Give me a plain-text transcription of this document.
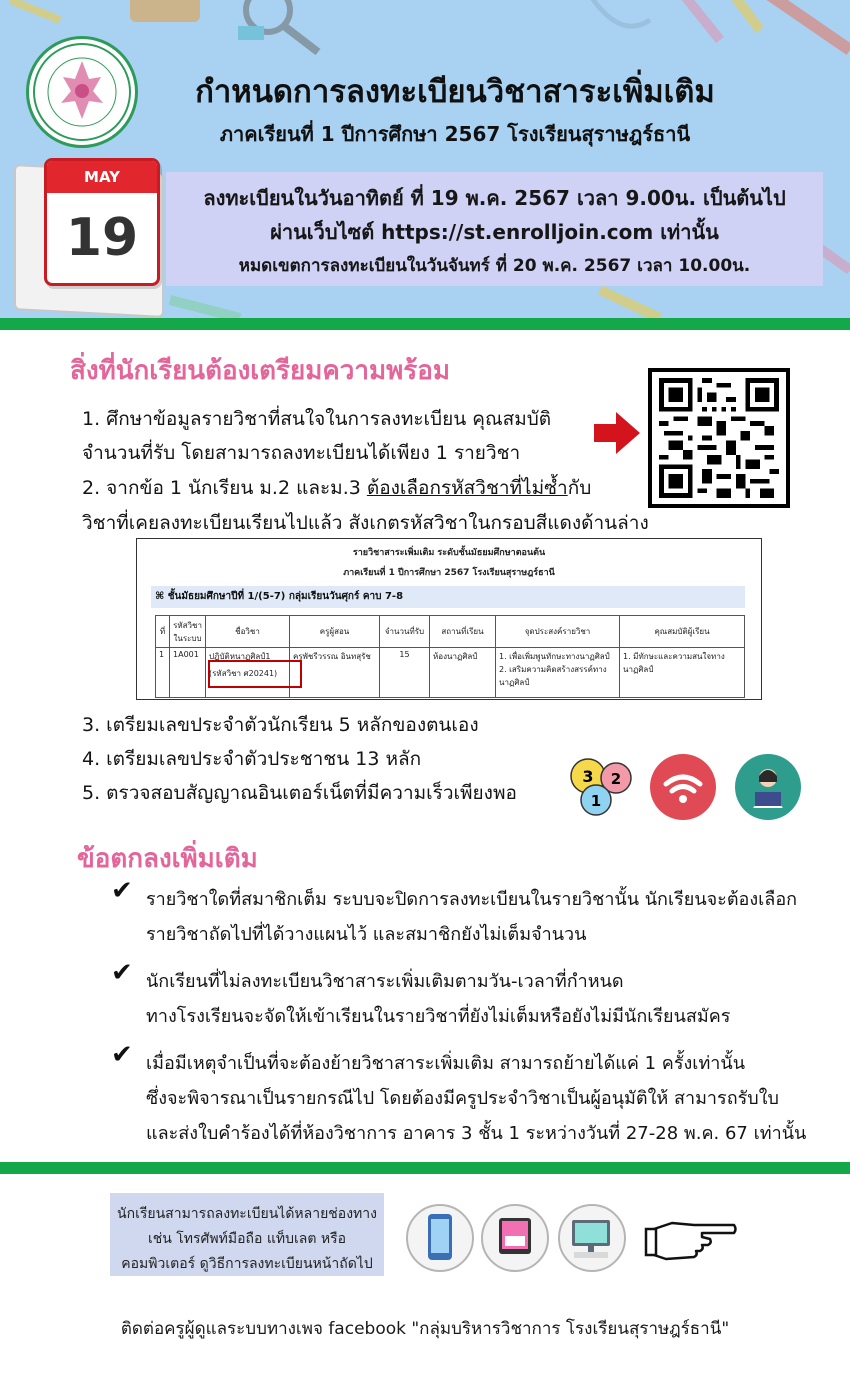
กำหนดการลงทะเบียนวิชาสาระเพิ่มเติม
ภาคเรียนที่ 1 ปีการศึกษา 2567 โรงเรียนสุราษฎร์ธานี
MAY
19
ลงทะเบียนในวันอาทิตย์ ที่ 19 พ.ค. 2567 เวลา 9.00น. เป็นต้นไป
ผ่านเว็บไซต์ https://st.enrolljoin.com เท่านั้น
หมดเขตการลงทะเบียนในวันจันทร์ ที่ 20 พ.ค. 2567 เวลา 10.00น.
สิ่งที่นักเรียนต้องเตรียมความพร้อม
1. ศึกษาข้อมูลรายวิชาที่สนใจในการลงทะเบียน คุณสมบัติ
จำนวนที่รับ โดยสามารถลงทะเบียนได้เพียง 1 รายวิชา
2. จากข้อ 1 นักเรียน ม.2 และม.3 ต้องเลือกรหัสวิชาที่ไม่ซ้ำกับ
วิชาที่เคยลงทะเบียนเรียนไปแล้ว สังเกตรหัสวิชาในกรอบสีแดงด้านล่าง
รายวิชาสาระเพิ่มเติม ระดับชั้นมัธยมศึกษาตอนต้น
ภาคเรียนที่ 1 ปีการศึกษา 2567 โรงเรียนสุราษฎร์ธานี
⌘ ชั้นมัธยมศึกษาปีที่ 1/(5-7) กลุ่มเรียนวันศุกร์ คาบ 7-8
ที่	รหัสวิชา ในระบบ	ชื่อวิชา	ครูผู้สอน	จำนวนที่รับ	สถานที่เรียน	จุดประสงค์รายวิชา	คุณสมบัติผู้เรียน
1	1A001	ปฏิบัติหนาฏศิลป์1
(รหัสวิชา ศ20241)	ครูพัชรีวรรณ อินทสุรัช	15	ห้องนาฏศิลป์	1. เพื่อเพิ่มพูนทักษะทางนาฏศิลป์ 2. เสริมความคิดสร้างสรรค์ทางนาฏศิลป์	1. มีทักษะและความสนใจทางนาฏศิลป์
3. เตรียมเลขประจำตัวนักเรียน 5 หลักของตนเอง
4. เตรียมเลขประจำตัวประชาชน 13 หลัก
5. ตรวจสอบสัญญาณอินเตอร์เน็ตที่มีความเร็วเพียงพอ
3 2
1
ข้อตกลงเพิ่มเติม
✔ รายวิชาใดที่สมาชิกเต็ม ระบบจะปิดการลงทะเบียนในรายวิชานั้น นักเรียนจะต้องเลือก
รายวิชาถัดไปที่ได้วางแผนไว้ และสมาชิกยังไม่เต็มจำนวน
✔ นักเรียนที่ไม่ลงทะเบียนวิชาสาระเพิ่มเติมตามวัน-เวลาที่กำหนด
ทางโรงเรียนจะจัดให้เข้าเรียนในรายวิชาที่ยังไม่เต็มหรือยังไม่มีนักเรียนสมัคร
✔ เมื่อมีเหตุจำเป็นที่จะต้องย้ายวิชาสาระเพิ่มเติม สามารถย้ายได้แค่ 1 ครั้งเท่านั้น
ซึ่งจะพิจารณาเป็นรายกรณีไป โดยต้องมีครูประจำวิชาเป็นผู้อนุมัติให้ สามารถรับใบ
และส่งใบคำร้องได้ที่ห้องวิชาการ อาคาร 3 ชั้น 1 ระหว่างวันที่ 27-28 พ.ค. 67 เท่านั้น
นักเรียนสามารถลงทะเบียนได้หลายช่องทาง
เช่น โทรศัพท์มือถือ แท็บเลต หรือ
คอมพิวเตอร์ ดูวิธีการลงทะเบียนหน้าถัดไป
ติดต่อครูผู้ดูแลระบบทางเพจ facebook "กลุ่มบริหารวิชาการ โรงเรียนสุราษฎร์ธานี"
